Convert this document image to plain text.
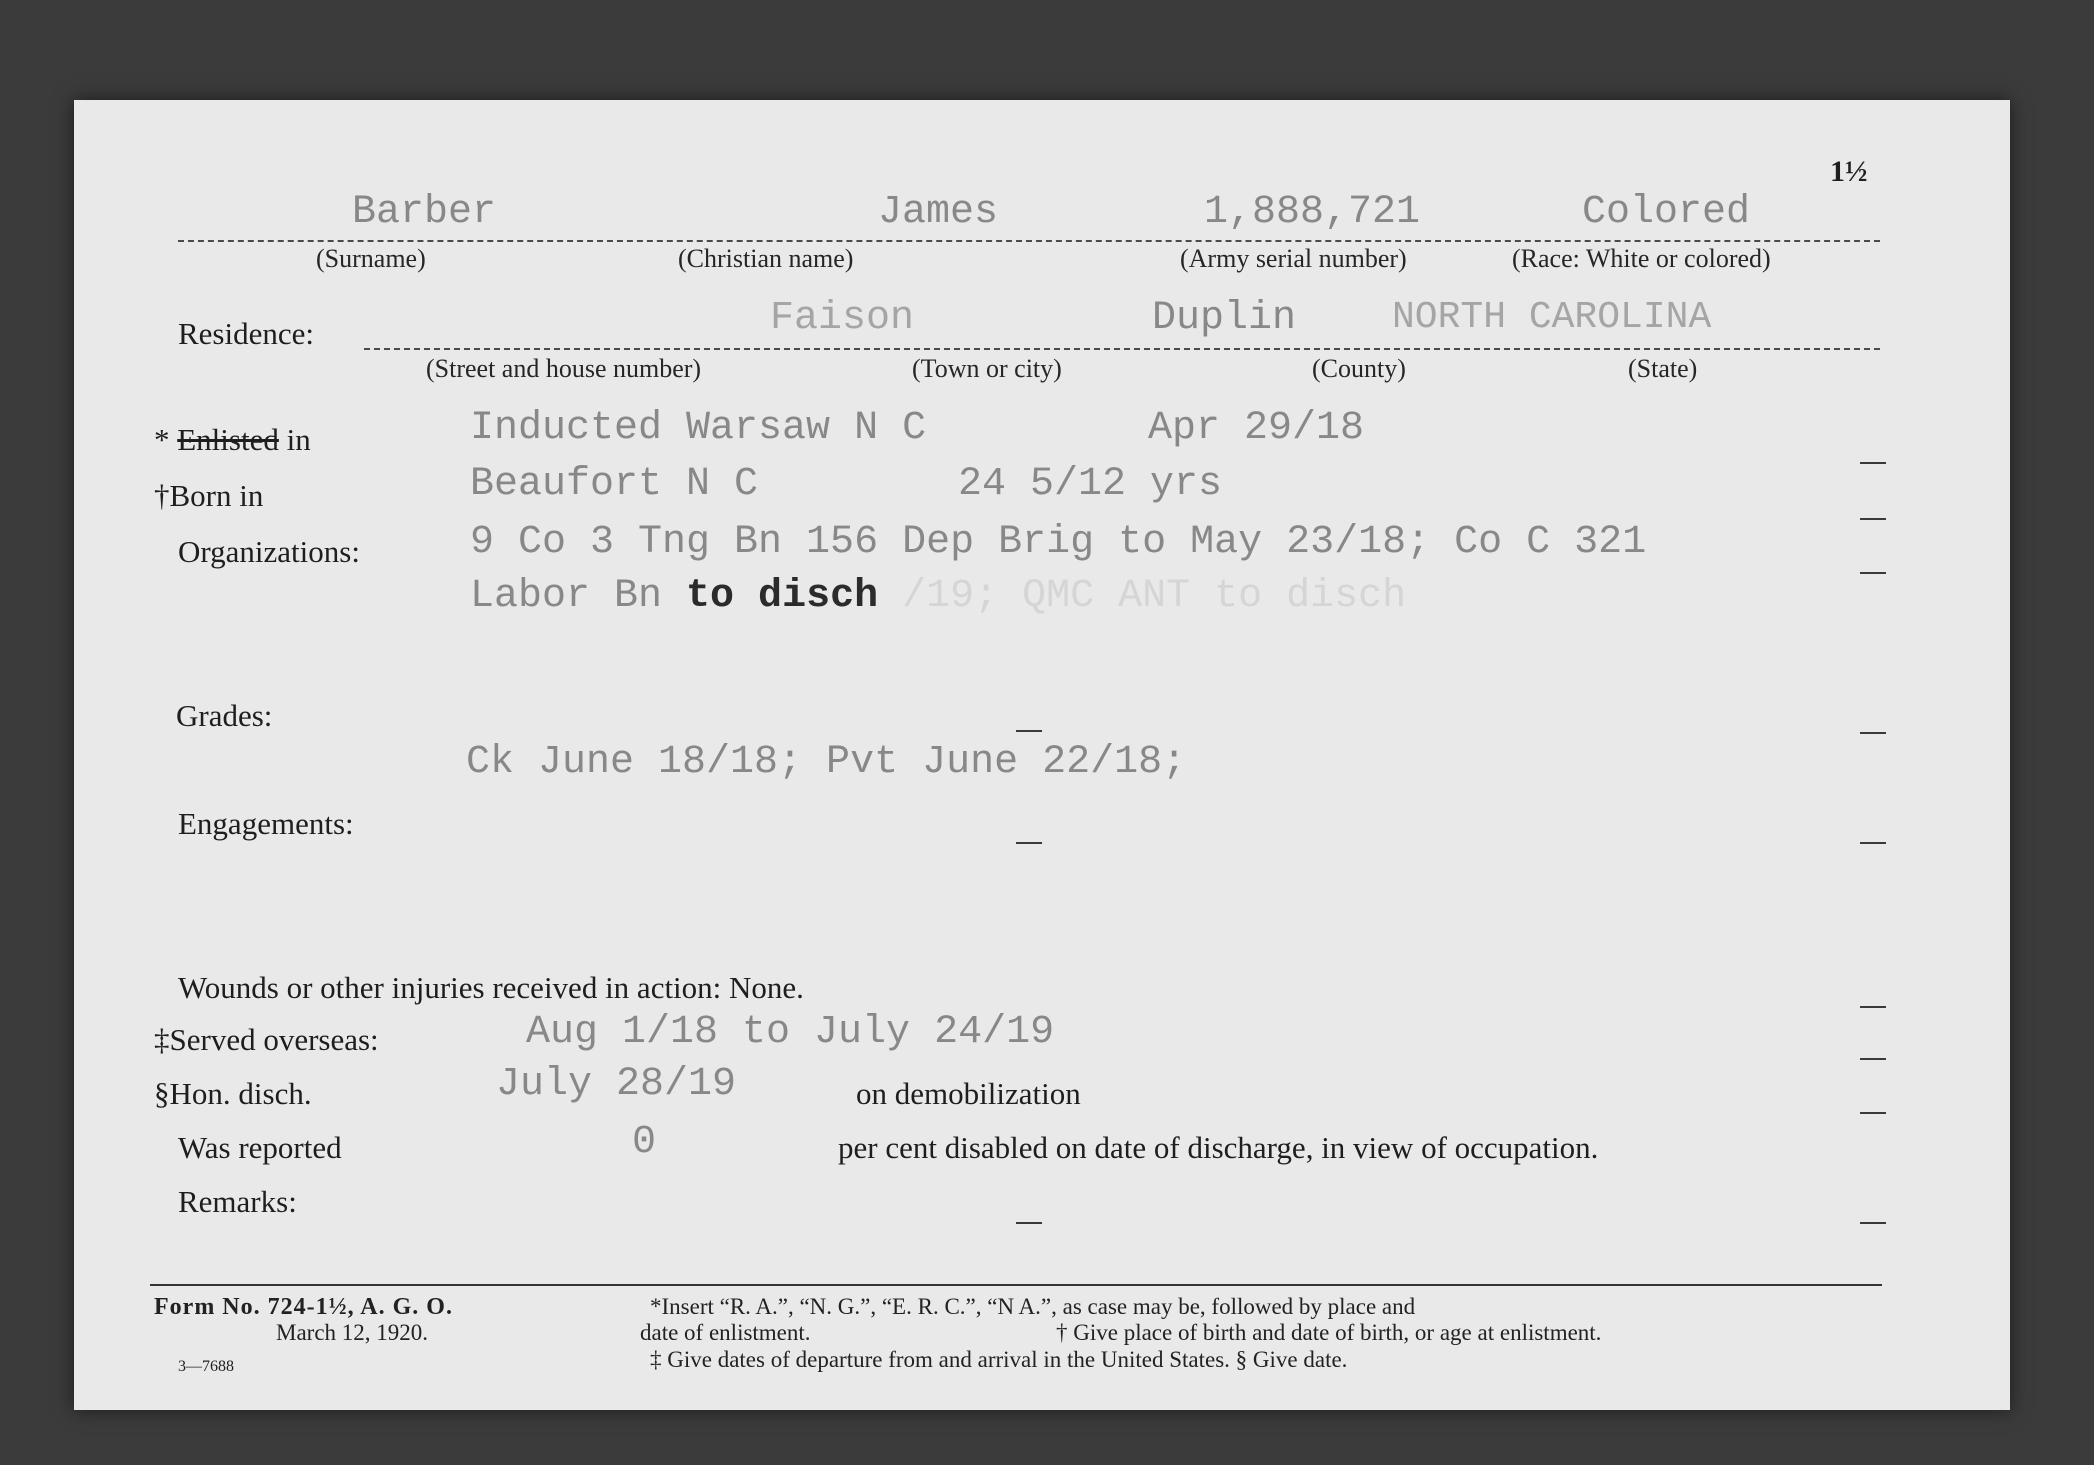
1½
Barber	James	1,888,721	Colored
(Surname)	(Christian name)	(Army serial number)	(Race: White or colored)
Residence:	Faison	Duplin	NORTH CAROLINA
(Street and house number)	(Town or city)	(County)	(State)
* Enlisted in	Inducted Warsaw N C	Apr 29/18
†Born in	Beaufort N C	24 5/12 yrs
Organizations:	9 Co 3 Tng Bn 156 Dep Brig to May 23/18; Co C 321
Labor Bn to disch /19; QMC ANT to disch
Grades:
Ck June 18/18; Pvt June 22/18;
Engagements:
Wounds or other injuries received in action: None.
‡Served overseas:	Aug 1/18 to July 24/19
§Hon. disch.	July 28/19	on demobilization
Was reported	0	per cent disabled on date of discharge, in view of occupation.
Remarks:
Form No. 724-1½, A. G. O.
March 12, 1920.
3—7688
*Insert “R. A.”, “N. G.”, “E. R. C.”, “N A.”, as case may be, followed by place and
date of enlistment.	† Give place of birth and date of birth, or age at enlistment.
‡ Give dates of departure from and arrival in the United States. § Give date.
